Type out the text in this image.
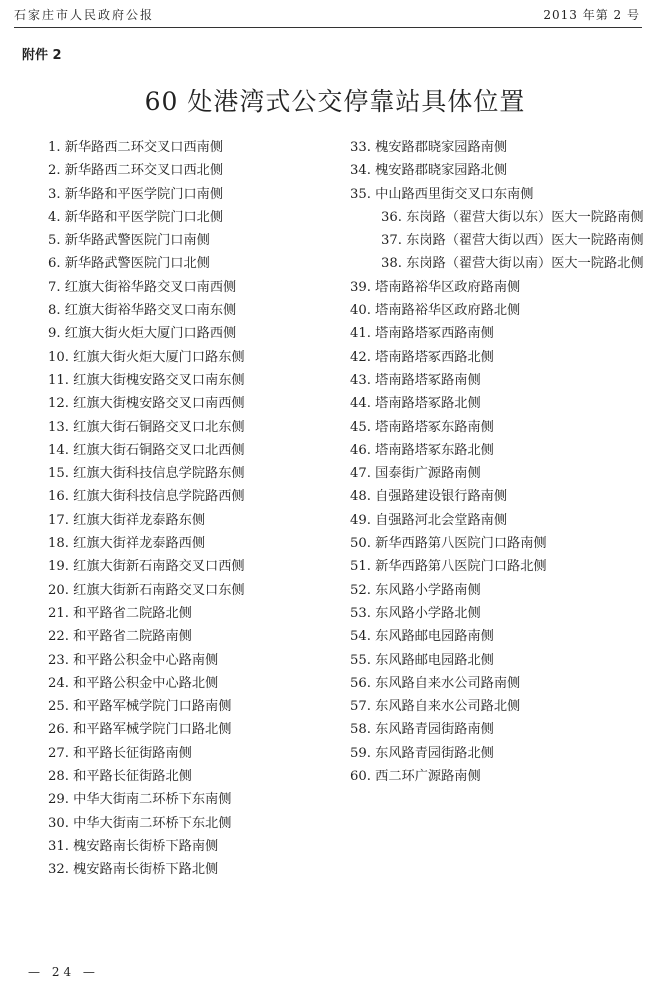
石家庄市人民政府公报	2013 年第 2 号
附件 2
60 处港湾式公交停靠站具体位置
1. 新华路西二环交叉口西南侧
2. 新华路西二环交叉口西北侧
3. 新华路和平医学院门口南侧
4. 新华路和平医学院门口北侧
5. 新华路武警医院门口南侧
6. 新华路武警医院门口北侧
7. 红旗大街裕华路交叉口南西侧
8. 红旗大街裕华路交叉口南东侧
9. 红旗大街火炬大厦门口路西侧
10. 红旗大街火炬大厦门口路东侧
11. 红旗大街槐安路交叉口南东侧
12. 红旗大街槐安路交叉口南西侧
13. 红旗大街石铜路交叉口北东侧
14. 红旗大街石铜路交叉口北西侧
15. 红旗大街科技信息学院路东侧
16. 红旗大街科技信息学院路西侧
17. 红旗大街祥龙泰路东侧
18. 红旗大街祥龙泰路西侧
19. 红旗大街新石南路交叉口西侧
20. 红旗大街新石南路交叉口东侧
21. 和平路省二院路北侧
22. 和平路省二院路南侧
23. 和平路公积金中心路南侧
24. 和平路公积金中心路北侧
25. 和平路军械学院门口路南侧
26. 和平路军械学院门口路北侧
27. 和平路长征街路南侧
28. 和平路长征街路北侧
29. 中华大街南二环桥下东南侧
30. 中华大街南二环桥下东北侧
31. 槐安路南长街桥下路南侧
32. 槐安路南长街桥下路北侧
33. 槐安路郡晓家园路南侧
34. 槐安路郡晓家园路北侧
35. 中山路西里街交叉口东南侧
36. 东岗路（翟营大街以东）医大一院路南侧
37. 东岗路（翟营大街以西）医大一院路南侧
38. 东岗路（翟营大街以南）医大一院路北侧
39. 塔南路裕华区政府路南侧
40. 塔南路裕华区政府路北侧
41. 塔南路塔冢西路南侧
42. 塔南路塔冢西路北侧
43. 塔南路塔冢路南侧
44. 塔南路塔冢路北侧
45. 塔南路塔冢东路南侧
46. 塔南路塔冢东路北侧
47. 国泰街广源路南侧
48. 自强路建设银行路南侧
49. 自强路河北会堂路南侧
50. 新华西路第八医院门口路南侧
51. 新华西路第八医院门口路北侧
52. 东风路小学路南侧
53. 东风路小学路北侧
54. 东风路邮电园路南侧
55. 东风路邮电园路北侧
56. 东风路自来水公司路南侧
57. 东风路自来水公司路北侧
58. 东风路青园街路南侧
59. 东风路青园街路北侧
60. 西二环广源路南侧
— 24 —
